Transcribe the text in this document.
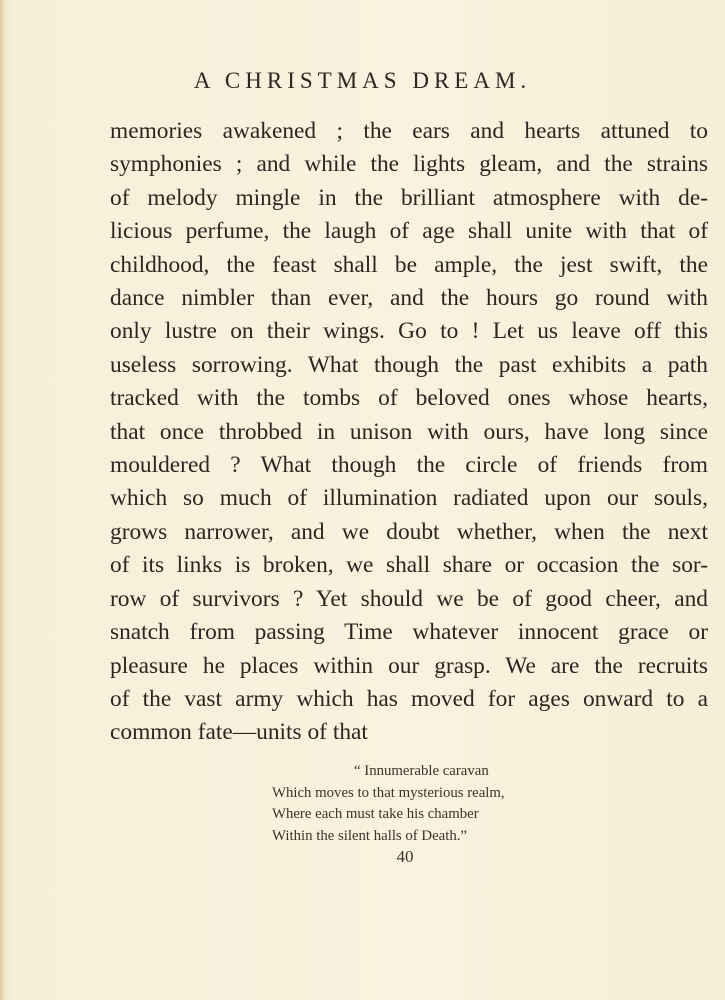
A CHRISTMAS DREAM.
memories awakened ; the ears and hearts attuned to
symphonies ; and while the lights gleam, and the strains
of melody mingle in the brilliant atmosphere with de-
licious perfume, the laugh of age shall unite with that of
childhood, the feast shall be ample, the jest swift, the
dance nimbler than ever, and the hours go round with
only lustre on their wings. Go to ! Let us leave off this
useless sorrowing. What though the past exhibits a path
tracked with the tombs of beloved ones whose hearts,
that once throbbed in unison with ours, have long since
mouldered ? What though the circle of friends from
which so much of illumination radiated upon our souls,
grows narrower, and we doubt whether, when the next
of its links is broken, we shall share or occasion the sor-
row of survivors ? Yet should we be of good cheer, and
snatch from passing Time whatever innocent grace or
pleasure he places within our grasp. We are the recruits
of the vast army which has moved for ages onward to a
common fate—units of that
“ Innumerable caravan
Which moves to that mysterious realm,
Where each must take his chamber
Within the silent halls of Death.”
40
